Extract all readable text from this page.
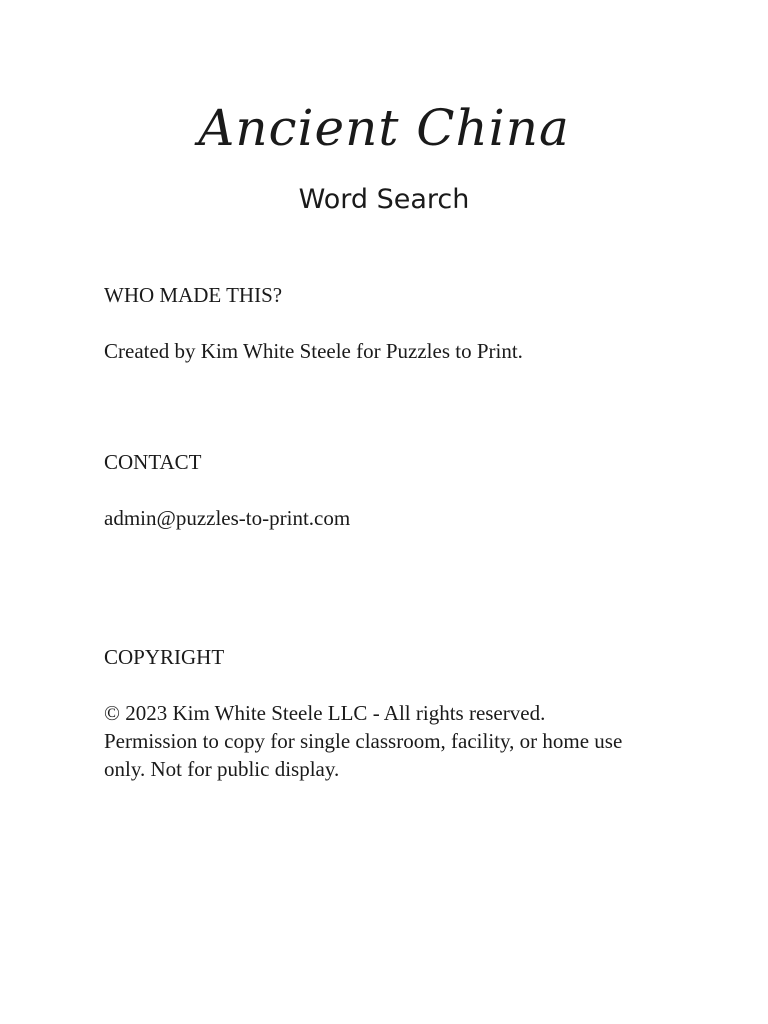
Ancient China
Word Search
WHO MADE THIS?

Created by Kim White Steele for Puzzles to Print.

CONTACT

admin@puzzles-to-print.com

COPYRIGHT
© 2023 Kim White Steele LLC - All rights reserved.
Permission to copy for single classroom, facility, or home use
only. Not for public display.
